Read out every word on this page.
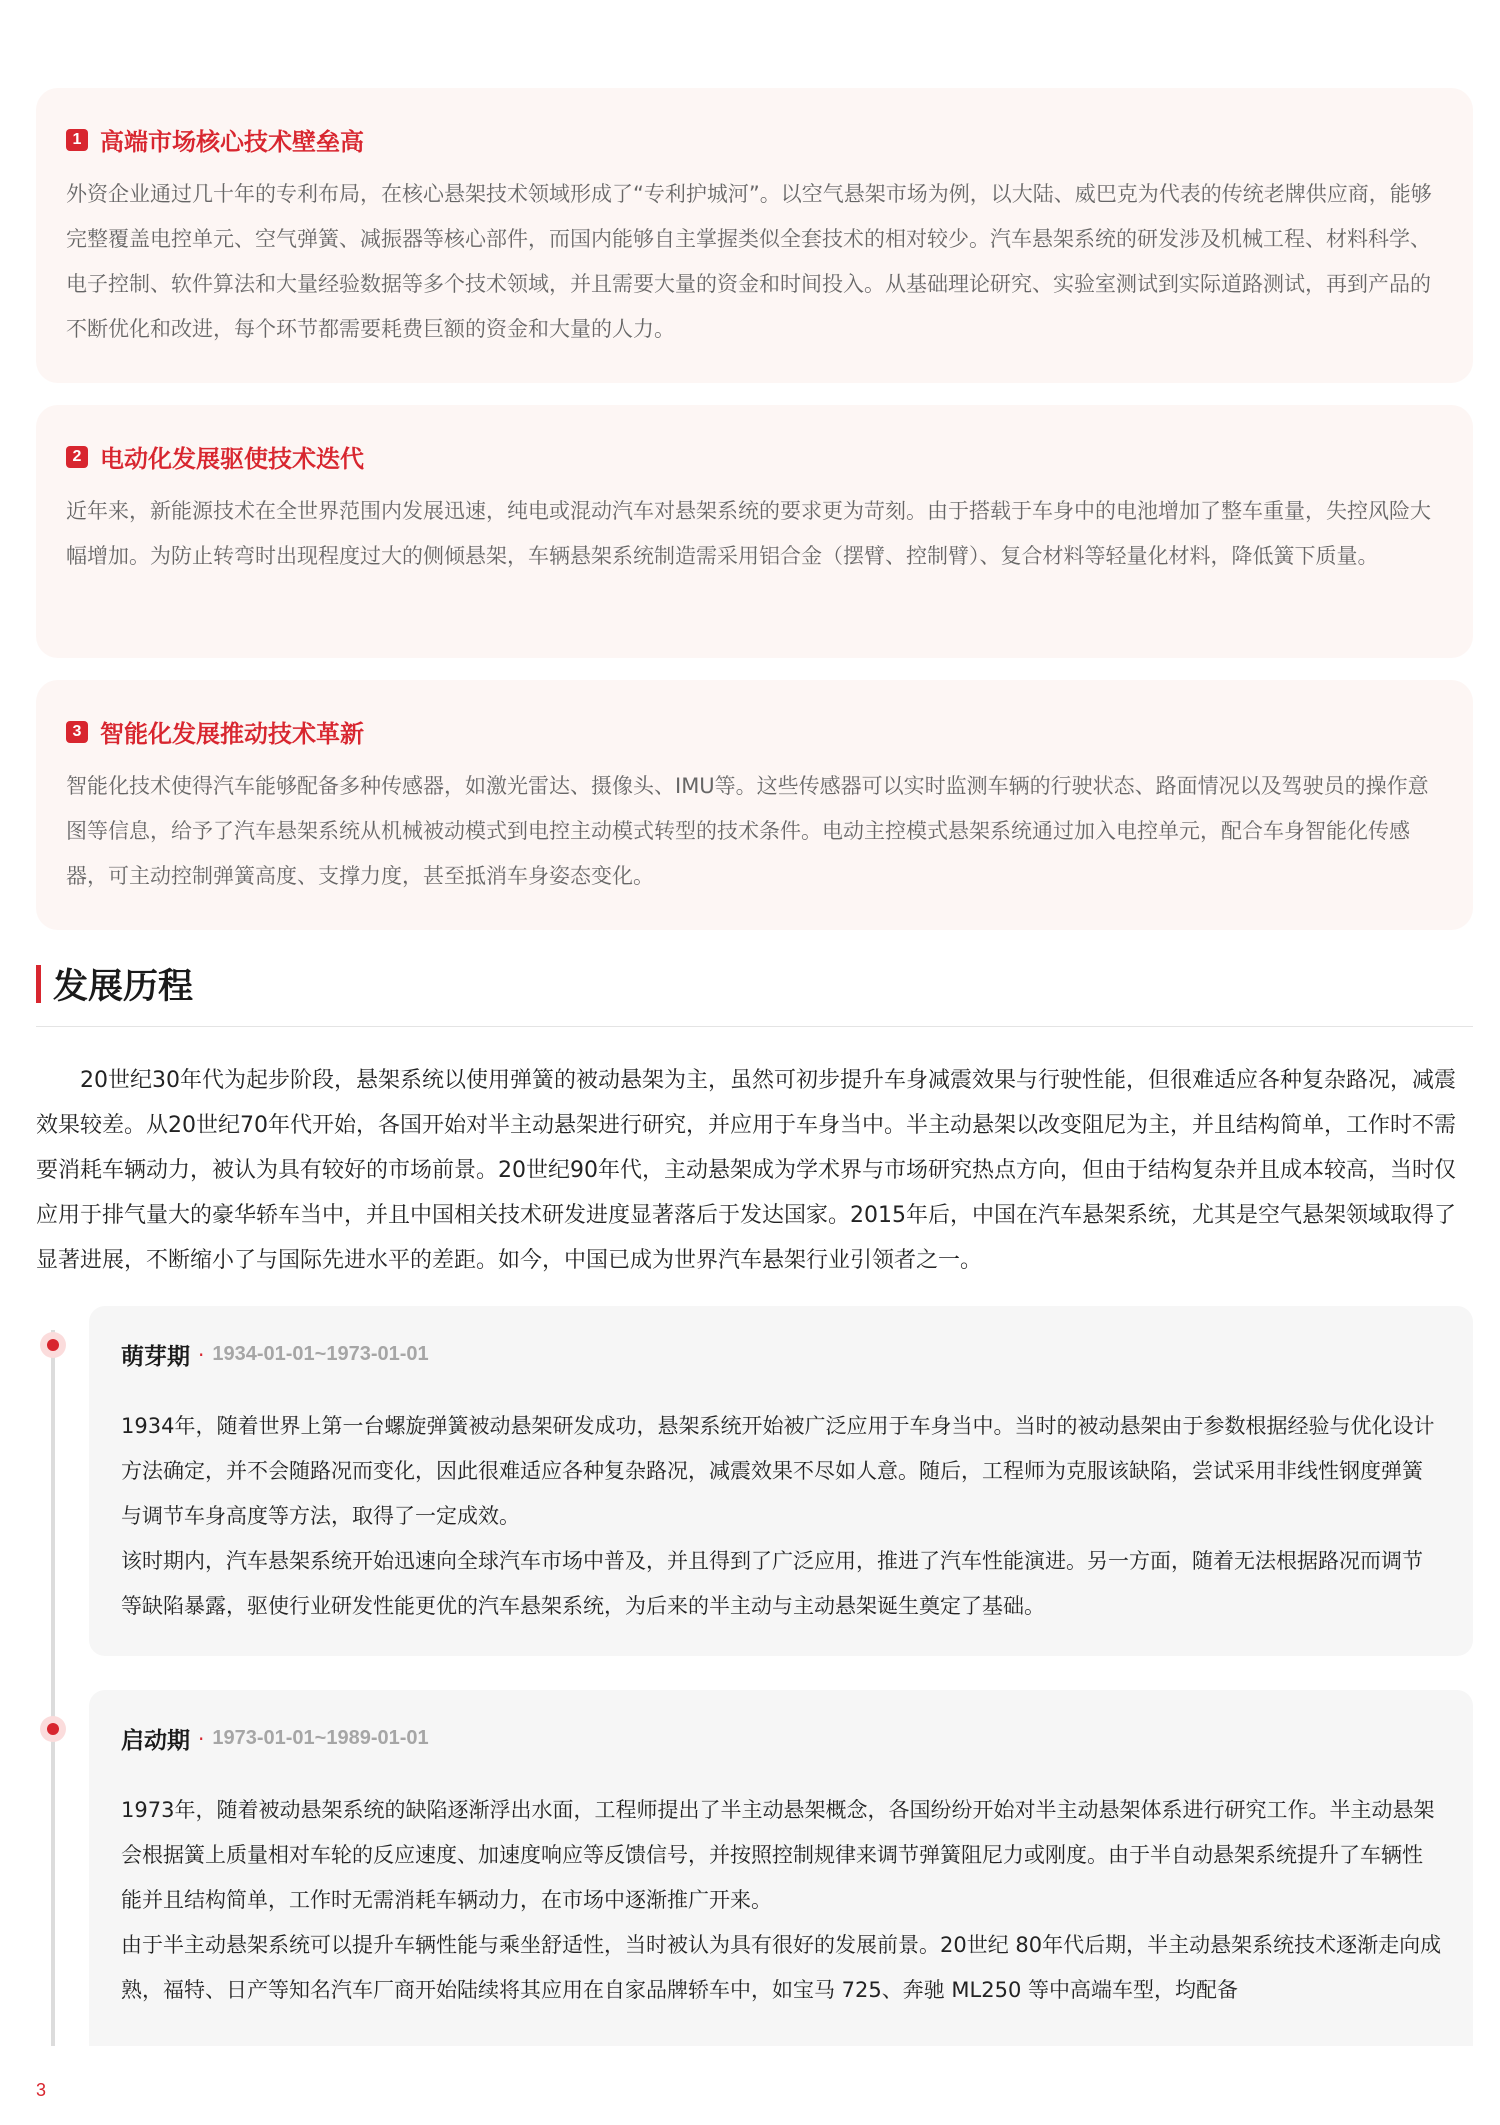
1 高端市场核心技术壁垒高
外资企业通过几十年的专利布局，在核心悬架技术领域形成了“专利护城河”。以空气悬架市场为例，以大陆、威巴克为代表的传统老牌供应商，能够完整覆盖电控单元、空气弹簧、减振器等核心部件，而国内能够自主掌握类似全套技术的相对较少。汽车悬架系统的研发涉及机械工程、材料科学、电子控制、软件算法和大量经验数据等多个技术领域，并且需要大量的资金和时间投入。从基础理论研究、实验室测试到实际道路测试，再到产品的不断优化和改进，每个环节都需要耗费巨额的资金和大量的人力。
2 电动化发展驱使技术迭代
近年来，新能源技术在全世界范围内发展迅速，纯电或混动汽车对悬架系统的要求更为苛刻。由于搭载于车身中的电池增加了整车重量，失控风险大幅增加。为防止转弯时出现程度过大的侧倾悬架，车辆悬架系统制造需采用铝合金（摆臂、控制臂）、复合材料等轻量化材料，降低簧下质量。
3 智能化发展推动技术革新
智能化技术使得汽车能够配备多种传感器，如激光雷达、摄像头、IMU等。这些传感器可以实时监测车辆的行驶状态、路面情况以及驾驶员的操作意图等信息，给予了汽车悬架系统从机械被动模式到电控主动模式转型的技术条件。电动主控模式悬架系统通过加入电控单元，配合车身智能化传感器，可主动控制弹簧高度、支撑力度，甚至抵消车身姿态变化。
发展历程

20世纪30年代为起步阶段，悬架系统以使用弹簧的被动悬架为主，虽然可初步提升车身减震效果与行驶性能，但很难适应各种复杂路况，减震效果较差。从20世纪70年代开始，各国开始对半主动悬架进行研究，并应用于车身当中。半主动悬架以改变阻尼为主，并且结构简单，工作时不需要消耗车辆动力，被认为具有较好的市场前景。20世纪90年代，主动悬架成为学术界与市场研究热点方向，但由于结构复杂并且成本较高，当时仅应用于排气量大的豪华轿车当中，并且中国相关技术研发进度显著落后于发达国家。2015年后，中国在汽车悬架系统，尤其是空气悬架领域取得了显著进展，不断缩小了与国际先进水平的差距。如今，中国已成为世界汽车悬架行业引领者之一。

萌芽期 · 1934-01-01~1973-01-01

1934年，随着世界上第一台螺旋弹簧被动悬架研发成功，悬架系统开始被广泛应用于车身当中。当时的被动悬架由于参数根据经验与优化设计方法确定，并不会随路况而变化，因此很难适应各种复杂路况，减震效果不尽如人意。随后，工程师为克服该缺陷，尝试采用非线性钢度弹簧与调节车身高度等方法，取得了一定成效。

该时期内，汽车悬架系统开始迅速向全球汽车市场中普及，并且得到了广泛应用，推进了汽车性能演进。另一方面，随着无法根据路况而调节等缺陷暴露，驱使行业研发性能更优的汽车悬架系统，为后来的半主动与主动悬架诞生奠定了基础。

启动期 · 1973-01-01~1989-01-01

1973年，随着被动悬架系统的缺陷逐渐浮出水面，工程师提出了半主动悬架概念，各国纷纷开始对半主动悬架体系进行研究工作。半主动悬架会根据簧上质量相对车轮的反应速度、加速度响应等反馈信号，并按照控制规律来调节弹簧阻尼力或刚度。由于半自动悬架系统提升了车辆性能并且结构简单，工作时无需消耗车辆动力，在市场中逐渐推广开来。

由于半主动悬架系统可以提升车辆性能与乘坐舒适性，当时被认为具有很好的发展前景。20世纪 80年代后期，半主动悬架系统技术逐渐走向成熟，福特、日产等知名汽车厂商开始陆续将其应用在自家品牌轿车中，如宝马 725、奔驰 ML250 等中高端车型，均配备

3
